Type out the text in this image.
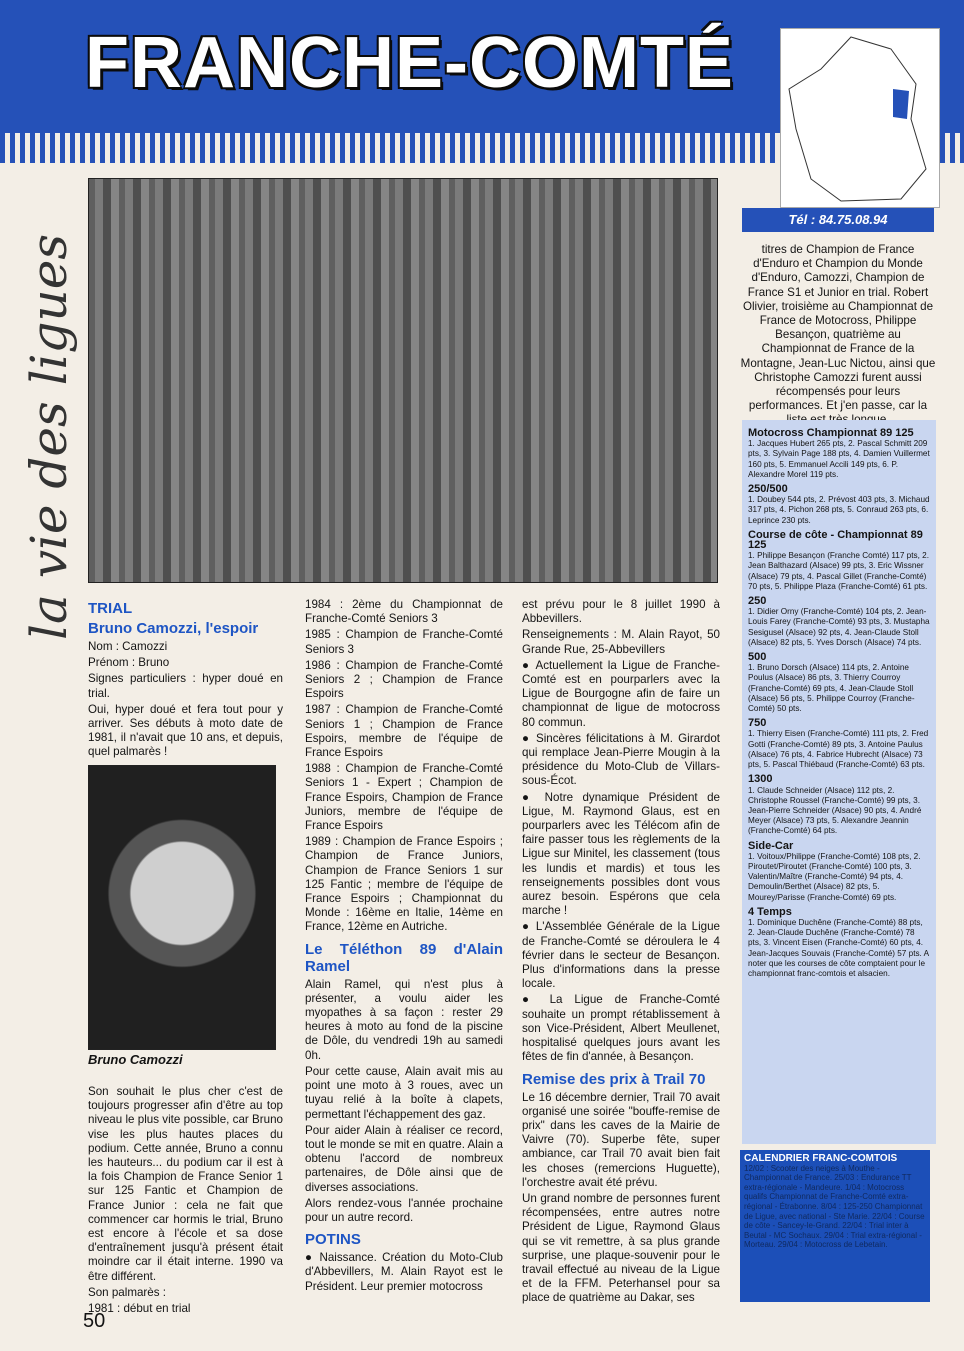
FRANCHE-COMTÉ
Tél : 84.75.08.94
la vie des ligues
Bruno Camozzi
TRIAL
Bruno Camozzi, l'espoir

Nom : Camozzi

Prénom : Bruno

Signes particuliers : hyper doué en trial.

Oui, hyper doué et fera tout pour y arriver. Ses débuts à moto date de 1981, il n'avait que 10 ans, et depuis, quel palmarès !

Son souhait le plus cher c'est de toujours progresser afin d'être au top niveau le plus vite possible, car Bruno vise les plus hautes places du podium. Cette année, Bruno a connu les hauteurs... du podium car il est à la fois Champion de France Senior 1 sur 125 Fantic et Champion de France Junior : cela ne fait que commencer car hormis le trial, Bruno est encore à l'école et sa dose d'entraînement jusqu'à présent était moindre car il était interne. 1990 va être différent.

Son palmarès :

1981 : début en trial

1984 : 2ème du Championnat de Franche-Comté Seniors 3

1985 : Champion de Franche-Comté Seniors 3

1986 : Champion de Franche-Comté Seniors 2 ; Champion de France Espoirs

1987 : Champion de Franche-Comté Seniors 1 ; Champion de France Espoirs, membre de l'équipe de France Espoirs

1988 : Champion de Franche-Comté Seniors 1 - Expert ; Champion de France Espoirs, Champion de France Juniors, membre de l'équipe de France Espoirs

1989 : Champion de France Espoirs ; Champion de France Juniors, Champion de France Seniors 1 sur 125 Fantic ; membre de l'équipe de France Espoirs ; Championnat du Monde : 16ème en Italie, 14ème en France, 12ème en Autriche.

Le Téléthon 89 d'Alain Ramel

Alain Ramel, qui n'est plus à présenter, a voulu aider les myopathes à sa façon : rester 29 heures à moto au fond de la piscine de Dôle, du vendredi 19h au samedi 0h.

Pour cette cause, Alain avait mis au point une moto à 3 roues, avec un tuyau relié à la boîte à clapets, permettant l'échappement des gaz.

Pour aider Alain à réaliser ce record, tout le monde se mit en quatre. Alain a obtenu l'accord de nombreux partenaires, de Dôle ainsi que de diverses associations.

Alors rendez-vous l'année prochaine pour un autre record.

POTINS

● Naissance. Création du Moto-Club d'Abbevillers, M. Alain Rayot est le Président. Leur premier motocross

est prévu pour le 8 juillet 1990 à Abbevillers.

Renseignements : M. Alain Rayot, 50 Grande Rue, 25-Abbevillers

● Actuellement la Ligue de Franche-Comté est en pourparlers avec la Ligue de Bourgogne afin de faire un championnat de ligue de motocross 80 commun.

● Sincères félicitations à M. Girardot qui remplace Jean-Pierre Mougin à la présidence du Moto-Club de Villars-sous-Écot.

● Notre dynamique Président de Ligue, M. Raymond Glaus, est en pourparlers avec les Télécom afin de faire passer tous les règlements de la Ligue sur Minitel, les classement (tous les lundis et mardis) et tous les renseignements possibles dont vous aurez besoin. Espérons que cela marche !

● L'Assemblée Générale de la Ligue de Franche-Comté se déroulera le 4 février dans le secteur de Besançon. Plus d'informations dans la presse locale.

● La Ligue de Franche-Comté souhaite un prompt rétablissement à son Vice-Président, Albert Meullenet, hospitalisé quelques jours avant les fêtes de fin d'année, à Besançon.

Remise des prix à Trail 70

Le 16 décembre dernier, Trail 70 avait organisé une soirée "bouffe-remise de prix" dans les caves de la Mairie de Vaivre (70). Superbe fête, super ambiance, car Trail 70 avait bien fait les choses (remercions Huguette), l'orchestre avait été prévu.

Un grand nombre de personnes furent récompensées, entre autres notre Président de Ligue, Raymond Glaus qui se vit remettre, à sa plus grande surprise, une plaque-souvenir pour le travail effectué au niveau de la Ligue et de la FFM. Peterhansel pour sa place de quatrième au Dakar, ses

titres de Champion de France d'Enduro et Champion du Monde d'Enduro, Camozzi, Champion de France S1 et Junior en trial. Robert Olivier, troisième au Championnat de France de Motocross, Philippe Besançon, quatrième au Championnat de France de la Montagne, Jean-Luc Nictou, ainsi que Christophe Camozzi furent aussi récompensés pour leurs performances. Et j'en passe, car la

Motocross Championnat 89 125
1. Jacques Hubert 265 pts, 2. Pascal Schmitt 209 pts, 3. Sylvain Page 188 pts, 4. Damien Vuillermet 160 pts, 5. Emmanuel Accili 149 pts, 6. P. Alexandre Morel 119 pts.
250/500
1. Doubey 544 pts, 2. Prévost 403 pts, 3. Michaud 317 pts, 4. Pichon 268 pts, 5. Conraud 263 pts, 6. Leprince 230 pts.
Course de côte - Championnat 89 125
1. Philippe Besançon (Franche Comté) 117 pts, 2. Jean Balthazard (Alsace) 99 pts, 3. Eric Wissner (Alsace) 79 pts, 4. Pascal Gillet (Franche-Comté) 70 pts, 5. Philippe Plaza (Franche-Comté) 61 pts.
250
1. Didier Orny (Franche-Comté) 104 pts, 2. Jean-Louis Farey (Franche-Comté) 93 pts, 3. Mustapha Sesigusel (Alsace) 92 pts, 4. Jean-Claude Stoll (Alsace) 82 pts, 5. Yves Dorsch (Alsace) 74 pts.
500
1. Bruno Dorsch (Alsace) 114 pts, 2. Antoine Poulus (Alsace) 86 pts, 3. Thierry Courroy (Franche-Comté) 69 pts, 4. Jean-Claude Stoll (Alsace) 56 pts, 5. Philippe Courroy (Franche-Comté) 50 pts.
750
1. Thierry Eisen (Franche-Comté) 111 pts, 2. Fred Gotti (Franche-Comté) 89 pts, 3. Antoine Paulus (Alsace) 76 pts, 4. Fabrice Hubrecht (Alsace) 73 pts, 5. Pascal Thiébaud (Franche-Comté) 63 pts.
1300
1. Claude Schneider (Alsace) 112 pts, 2. Christophe Roussel (Franche-Comté) 99 pts, 3. Jean-Pierre Schneider (Alsace) 90 pts, 4. André Meyer (Alsace) 73 pts, 5. Alexandre Jeannin (Franche-Comté) 64 pts.
Side-Car
1. Voitoux/Philippe (Franche-Comté) 108 pts, 2. Piroutet/Piroutet (Franche-Comté) 100 pts, 3. Valentin/Maître (Franche-Comté) 94 pts, 4. Demoulin/Berthet (Alsace) 82 pts, 5. Mourey/Parisse (Franche-Comté) 69 pts.
4 Temps
1. Dominique Duchêne (Franche-Comté) 88 pts, 2. Jean-Claude Duchêne (Franche-Comté) 78 pts, 3. Vincent Eisen (Franche-Comté) 60 pts, 4. Jean-Jacques Souvais (Franche-Comté) 57 pts. A noter que les courses de côte comptaient pour le championnat franc-comtois et alsacien.
CALENDRIER FRANC-COMTOIS
12/02 : Scooter des neiges à Mouthe - Championnat de France. 25/03 : Endurance TT extra-régionale - Mandeure. 1/04 : Motocross qualifs Championnat de Franche-Comté extra-régional - Étrabonne. 8/04 : 125-250 Championnat de Ligue, avec national - Ste Marie. 22/04 : Course de côte - Sancey-le-Grand. 22/04 : Trial inter à Beutal - MC Sochaux. 29/04 : Trial extra-régional - Morteau. 29/04 : Motocross de Lebetain.
50
